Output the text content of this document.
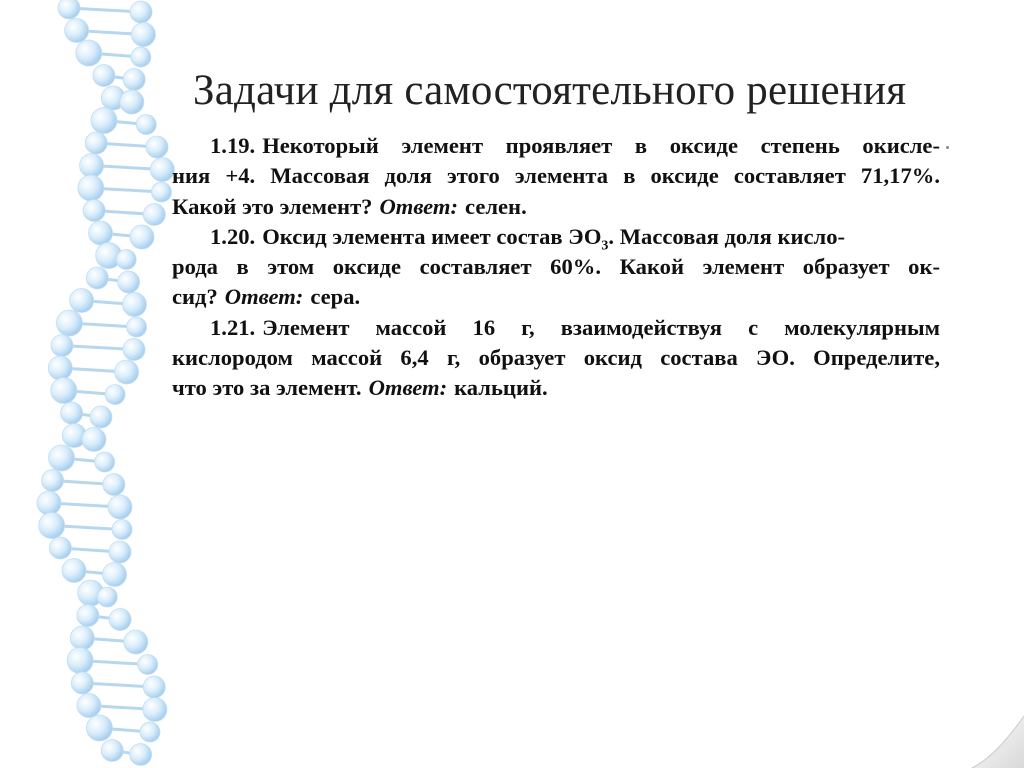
Задачи для самостоятельного решения
1.19. Некоторый элемент проявляет в оксиде степень окисле-
ния +4. Массовая доля этого элемента в оксиде составляет 71,17%.
Какой это элемент? Ответ: селен.
1.20. Оксид элемента имеет состав $ЭО_3$. Массовая доля кисло-
рода в этом оксиде составляет 60%. Какой элемент образует ок-
сид? Ответ: сера.
1.21. Элемент массой 16 г, взаимодействуя с молекулярным
кислородом массой 6,4 г, образует оксид состава ЭО. Определите,
что это за элемент. Ответ: кальций.
